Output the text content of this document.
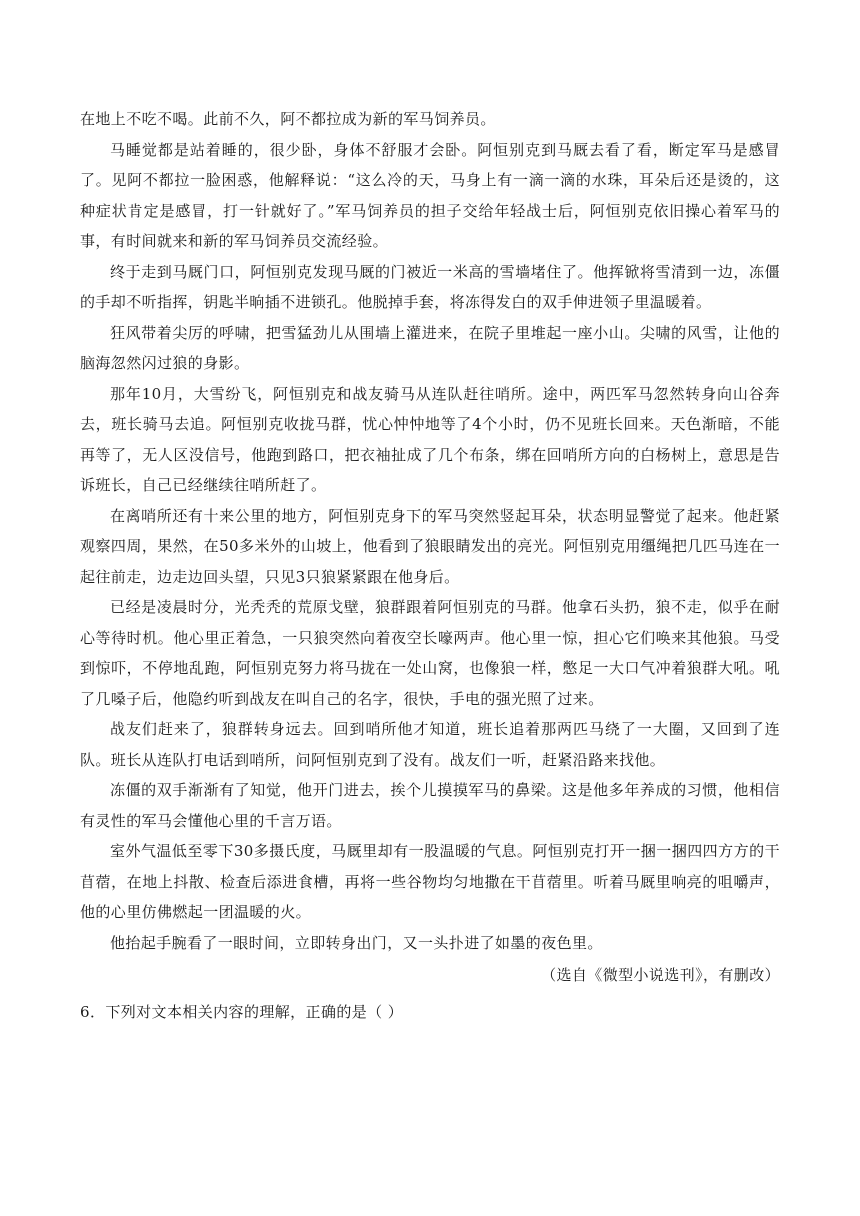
在地上不吃不喝。此前不久，阿不都拉成为新的军马饲养员。

马睡觉都是站着睡的，很少卧，身体不舒服才会卧。阿恒别克到马厩去看了看，断定军马是感冒了。见阿不都拉一脸困惑，他解释说：“这么冷的天，马身上有一滴一滴的水珠，耳朵后还是烫的，这种症状肯定是感冒，打一针就好了。”军马饲养员的担子交给年轻战士后，阿恒别克依旧操心着军马的事，有时间就来和新的军马饲养员交流经验。

终于走到马厩门口，阿恒别克发现马厩的门被近一米高的雪墙堵住了。他挥锨将雪清到一边，冻僵的手却不听指挥，钥匙半晌插不进锁孔。他脱掉手套，将冻得发白的双手伸进领子里温暖着。

狂风带着尖厉的呼啸，把雪猛劲儿从围墙上灌进来，在院子里堆起一座小山。尖啸的风雪，让他的脑海忽然闪过狼的身影。

那年10月，大雪纷飞，阿恒别克和战友骑马从连队赶往哨所。途中，两匹军马忽然转身向山谷奔去，班长骑马去追。阿恒别克收拢马群，忧心忡忡地等了4个小时，仍不见班长回来。天色渐暗，不能再等了，无人区没信号，他跑到路口，把衣袖扯成了几个布条，绑在回哨所方向的白杨树上，意思是告诉班长，自己已经继续往哨所赶了。

在离哨所还有十来公里的地方，阿恒别克身下的军马突然竖起耳朵，状态明显警觉了起来。他赶紧观察四周，果然，在50多米外的山坡上，他看到了狼眼睛发出的亮光。阿恒别克用缰绳把几匹马连在一起往前走，边走边回头望，只见3只狼紧紧跟在他身后。

已经是凌晨时分，光秃秃的荒原戈壁，狼群跟着阿恒别克的马群。他拿石头扔，狼不走，似乎在耐心等待时机。他心里正着急，一只狼突然向着夜空长嚎两声。他心里一惊，担心它们唤来其他狼。马受到惊吓，不停地乱跑，阿恒别克努力将马拢在一处山窝，也像狼一样，憋足一大口气冲着狼群大吼。吼了几嗓子后，他隐约听到战友在叫自己的名字，很快，手电的强光照了过来。

战友们赶来了，狼群转身远去。回到哨所他才知道，班长追着那两匹马绕了一大圈，又回到了连队。班长从连队打电话到哨所，问阿恒别克到了没有。战友们一听，赶紧沿路来找他。

冻僵的双手渐渐有了知觉，他开门进去，挨个儿摸摸军马的鼻梁。这是他多年养成的习惯，他相信有灵性的军马会懂他心里的千言万语。

室外气温低至零下30多摄氏度，马厩里却有一股温暖的气息。阿恒别克打开一捆一捆四四方方的干苜蓿，在地上抖散、检查后添进食槽，再将一些谷物均匀地撒在干苜蓿里。听着马厩里响亮的咀嚼声，他的心里仿佛燃起一团温暖的火。

他抬起手腕看了一眼时间，立即转身出门，又一头扑进了如墨的夜色里。

（选自《微型小说选刊》，有删改）

6．下列对文本相关内容的理解，正确的是（ ）
